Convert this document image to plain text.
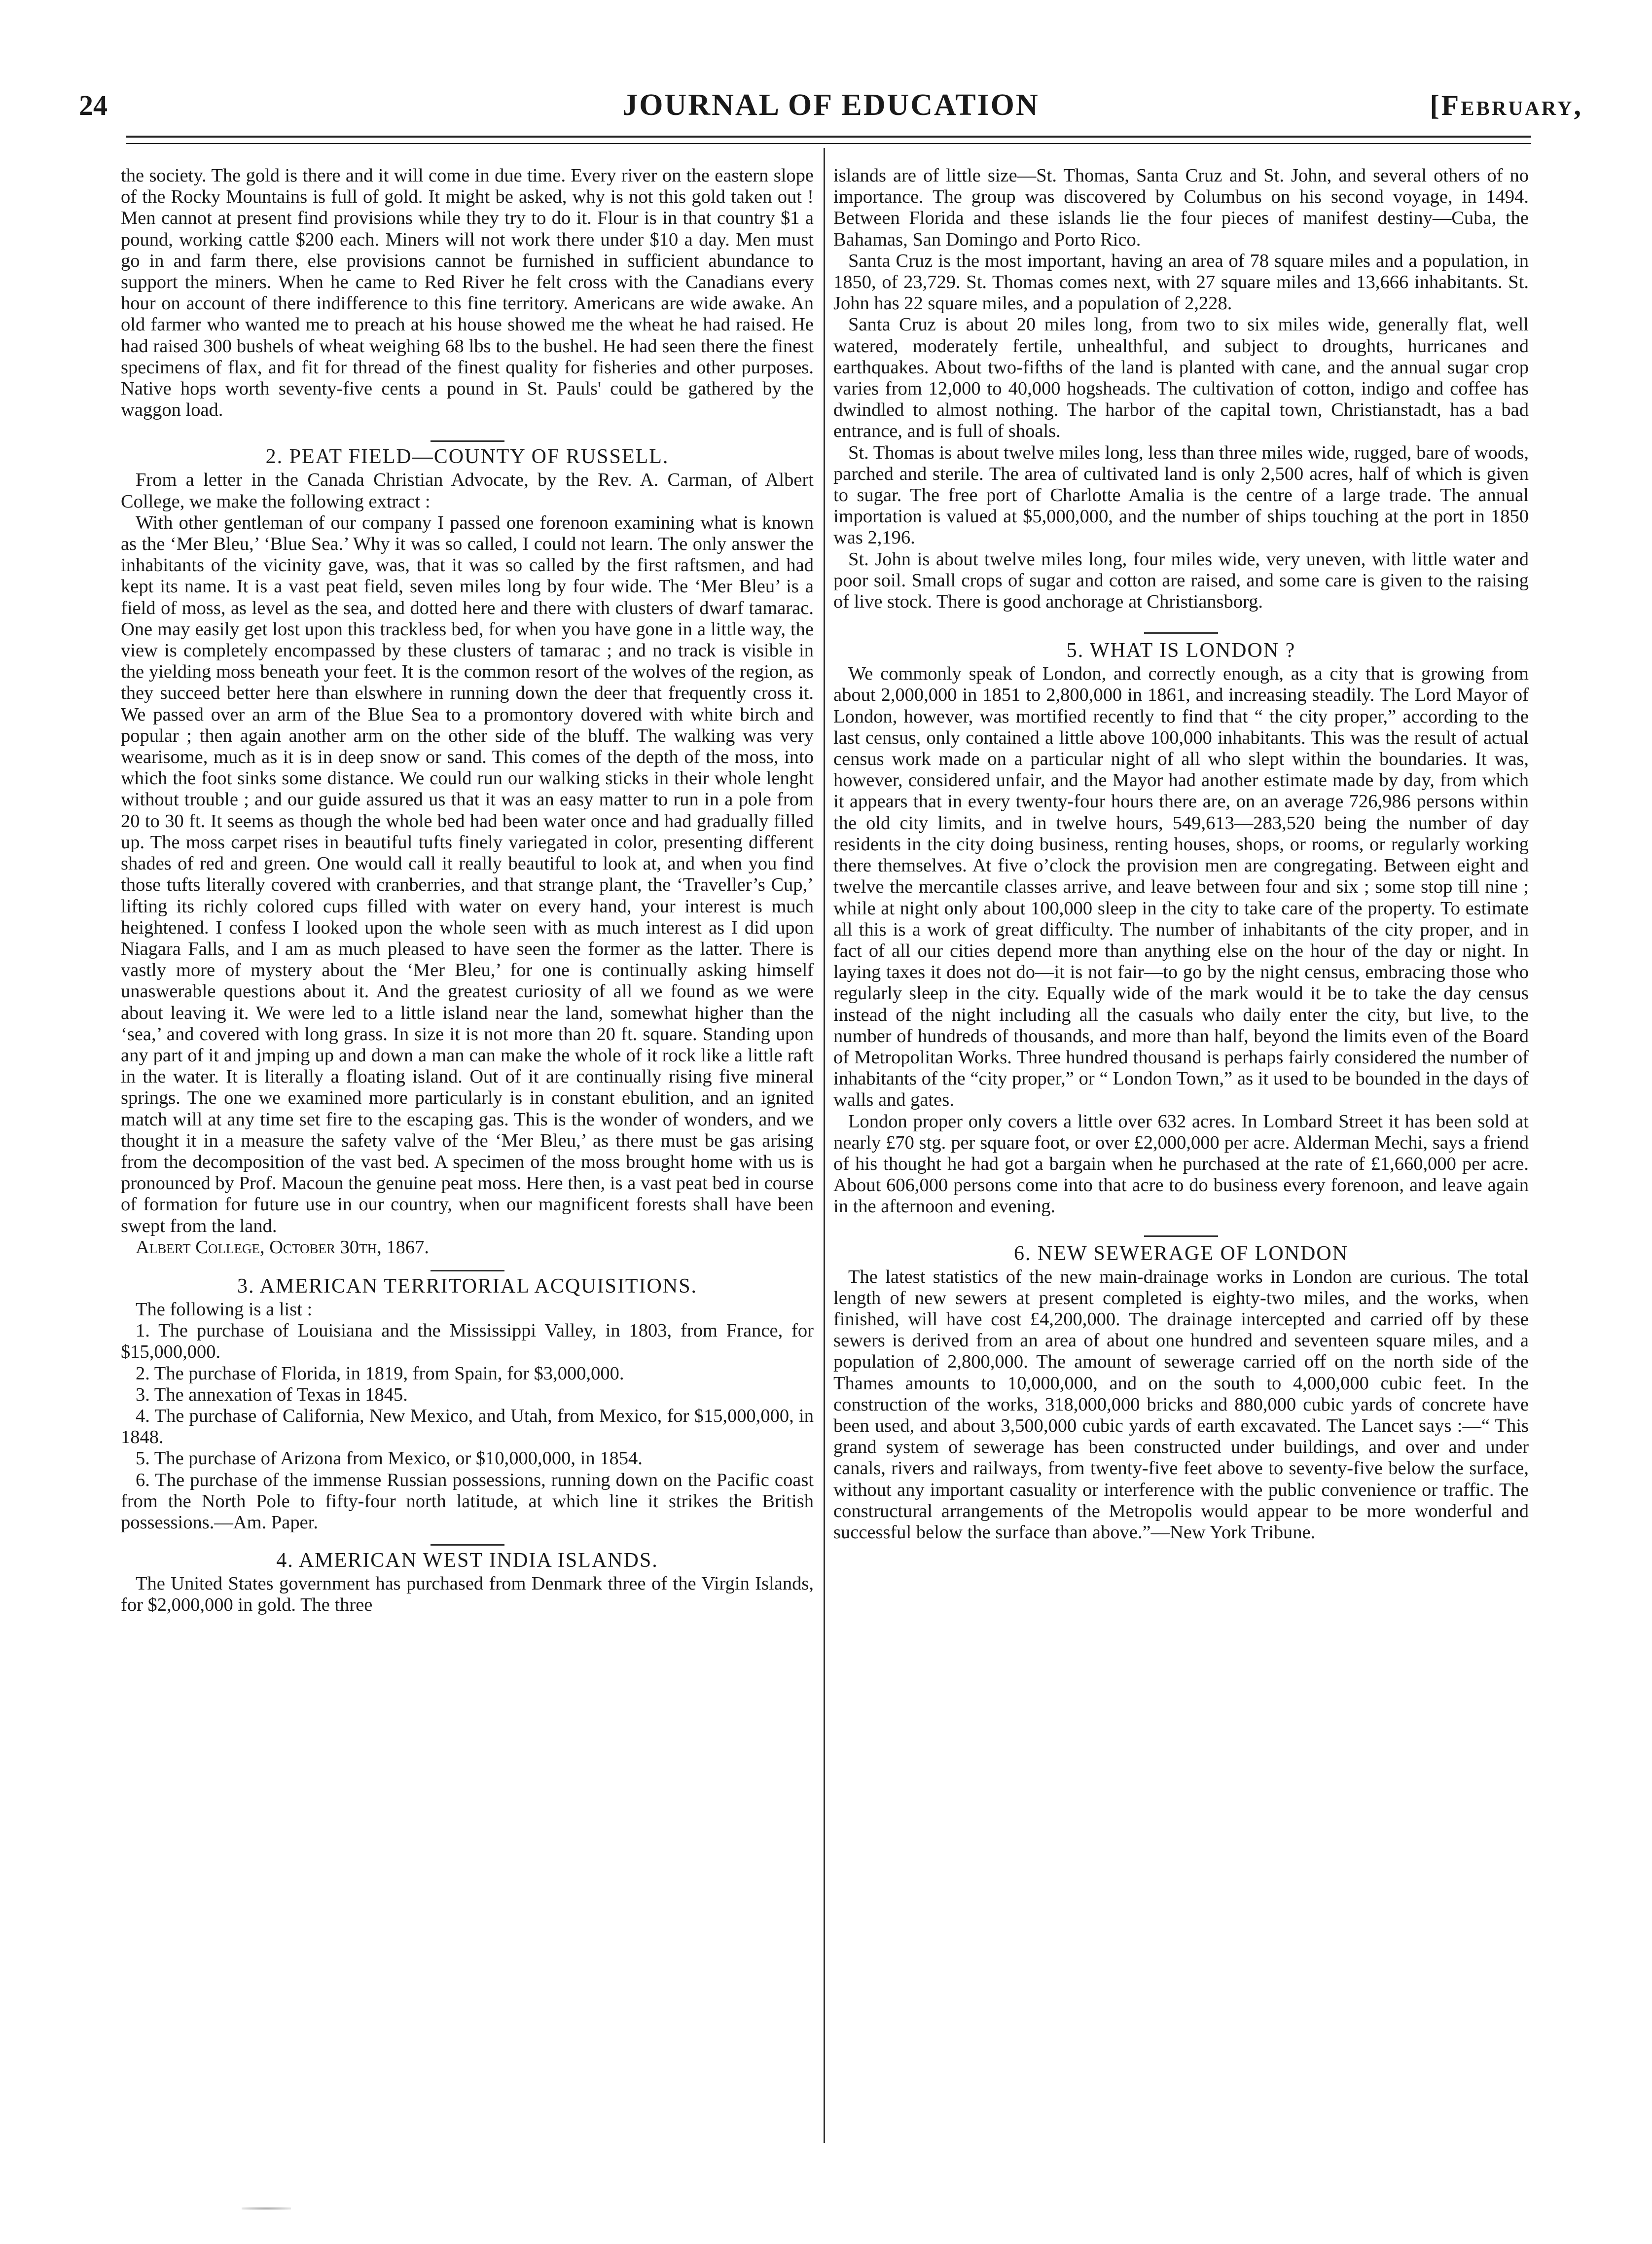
24	JOURNAL OF EDUCATION	[February,

the society. The gold is there and it will come in due time. Every river on the eastern slope of the Rocky Mountains is full of gold. It might be asked, why is not this gold taken out ! Men cannot at present find provisions while they try to do it. Flour is in that country $1 a pound, working cattle $200 each. Miners will not work there under $10 a day. Men must go in and farm there, else provisions cannot be furnished in sufficient abundance to support the miners. When he came to Red River he felt cross with the Canadians every hour on account of there indifference to this fine territory. Americans are wide awake. An old farmer who wanted me to preach at his house showed me the wheat he had raised. He had raised 300 bushels of wheat weighing 68 lbs to the bushel. He had seen there the finest specimens of flax, and fit for thread of the finest quality for fisheries and other purposes. Native hops worth seventy-five cents a pound in St. Pauls' could be gathered by the waggon load.

2. PEAT FIELD—COUNTY OF RUSSELL.

From a letter in the Canada Christian Advocate, by the Rev. A. Carman, of Albert College, we make the following extract :

With other gentleman of our company I passed one forenoon examining what is known as the ‘Mer Bleu,’ ‘Blue Sea.’ Why it was so called, I could not learn. The only answer the inhabitants of the vicinity gave, was, that it was so called by the first raftsmen, and had kept its name. It is a vast peat field, seven miles long by four wide. The ‘Mer Bleu’ is a field of moss, as level as the sea, and dotted here and there with clusters of dwarf tamarac. One may easily get lost upon this trackless bed, for when you have gone in a little way, the view is completely encompassed by these clusters of tamarac ; and no track is visible in the yielding moss beneath your feet. It is the common resort of the wolves of the region, as they succeed better here than elswhere in running down the deer that frequently cross it. We passed over an arm of the Blue Sea to a promontory dovered with white birch and popular ; then again another arm on the other side of the bluff. The walking was very wearisome, much as it is in deep snow or sand. This comes of the depth of the moss, into which the foot sinks some distance. We could run our walking sticks in their whole lenght without trouble ; and our guide assured us that it was an easy matter to run in a pole from 20 to 30 ft. It seems as though the whole bed had been water once and had gradually filled up. The moss carpet rises in beautiful tufts finely variegated in color, presenting different shades of red and green. One would call it really beautiful to look at, and when you find those tufts literally covered with cranberries, and that strange plant, the ‘Traveller’s Cup,’ lifting its richly colored cups filled with water on every hand, your interest is much heightened. I confess I looked upon the whole seen with as much interest as I did upon Niagara Falls, and I am as much pleased to have seen the former as the latter. There is vastly more of mystery about the ‘Mer Bleu,’ for one is continually asking himself unaswerable questions about it. And the greatest curiosity of all we found as we were about leaving it. We were led to a little island near the land, somewhat higher than the ‘sea,’ and covered with long grass. In size it is not more than 20 ft. square. Standing upon any part of it and jmping up and down a man can make the whole of it rock like a little raft in the water. It is literally a floating island. Out of it are continually rising five mineral springs. The one we examined more particularly is in constant ebulition, and an ignited match will at any time set fire to the escaping gas. This is the wonder of wonders, and we thought it in a measure the safety valve of the ‘Mer Bleu,’ as there must be gas arising from the decomposition of the vast bed. A specimen of the moss brought home with us is pronounced by Prof. Macoun the genuine peat moss. Here then, is a vast peat bed in course of formation for future use in our country, when our magnificent forests shall have been swept from the land.

Albert College, October 30th, 1867.

3. AMERICAN TERRITORIAL ACQUISITIONS.

The following is a list :

1. The purchase of Louisiana and the Mississippi Valley, in 1803, from France, for $15,000,000.

2. The purchase of Florida, in 1819, from Spain, for $3,000,000.

3. The annexation of Texas in 1845.

4. The purchase of California, New Mexico, and Utah, from Mexico, for $15,000,000, in 1848.

5. The purchase of Arizona from Mexico, or $10,000,000, in 1854.

6. The purchase of the immense Russian possessions, running down on the Pacific coast from the North Pole to fifty-four north latitude, at which line it strikes the British possessions.—Am. Paper.

4. AMERICAN WEST INDIA ISLANDS.

The United States government has purchased from Denmark three of the Virgin Islands, for $2,000,000 in gold. The three

islands are of little size—St. Thomas, Santa Cruz and St. John, and several others of no importance. The group was discovered by Columbus on his second voyage, in 1494. Between Florida and these islands lie the four pieces of manifest destiny—Cuba, the Bahamas, San Domingo and Porto Rico.

Santa Cruz is the most important, having an area of 78 square miles and a population, in 1850, of 23,729. St. Thomas comes next, with 27 square miles and 13,666 inhabitants. St. John has 22 square miles, and a population of 2,228.

Santa Cruz is about 20 miles long, from two to six miles wide, generally flat, well watered, moderately fertile, unhealthful, and subject to droughts, hurricanes and earthquakes. About two-fifths of the land is planted with cane, and the annual sugar crop varies from 12,000 to 40,000 hogsheads. The cultivation of cotton, indigo and coffee has dwindled to almost nothing. The harbor of the capital town, Christianstadt, has a bad entrance, and is full of shoals.

St. Thomas is about twelve miles long, less than three miles wide, rugged, bare of woods, parched and sterile. The area of cultivated land is only 2,500 acres, half of which is given to sugar. The free port of Charlotte Amalia is the centre of a large trade. The annual importation is valued at $5,000,000, and the number of ships touching at the port in 1850 was 2,196.

St. John is about twelve miles long, four miles wide, very uneven, with little water and poor soil. Small crops of sugar and cotton are raised, and some care is given to the raising of live stock. There is good anchorage at Christiansborg.

5. WHAT IS LONDON ?

We commonly speak of London, and correctly enough, as a city that is growing from about 2,000,000 in 1851 to 2,800,000 in 1861, and increasing steadily. The Lord Mayor of London, however, was mortified recently to find that “ the city proper,” according to the last census, only contained a little above 100,000 inhabitants. This was the result of actual census work made on a particular night of all who slept within the boundaries. It was, however, considered unfair, and the Mayor had another estimate made by day, from which it appears that in every twenty-four hours there are, on an average 726,986 persons within the old city limits, and in twelve hours, 549,613—283,520 being the number of day residents in the city doing business, renting houses, shops, or rooms, or regularly working there themselves. At five o’clock the provision men are congregating. Between eight and twelve the mercantile classes arrive, and leave between four and six ; some stop till nine ; while at night only about 100,000 sleep in the city to take care of the property. To estimate all this is a work of great difficulty. The number of inhabitants of the city proper, and in fact of all our cities depend more than anything else on the hour of the day or night. In laying taxes it does not do—it is not fair—to go by the night census, embracing those who regularly sleep in the city. Equally wide of the mark would it be to take the day census instead of the night including all the casuals who daily enter the city, but live, to the number of hundreds of thousands, and more than half, beyond the limits even of the Board of Metropolitan Works. Three hundred thousand is perhaps fairly considered the number of inhabitants of the “city proper,” or “ London Town,” as it used to be bounded in the days of walls and gates.

London proper only covers a little over 632 acres. In Lombard Street it has been sold at nearly £70 stg. per square foot, or over £2,000,000 per acre. Alderman Mechi, says a friend of his thought he had got a bargain when he purchased at the rate of £1,660,000 per acre. About 606,000 persons come into that acre to do business every forenoon, and leave again in the afternoon and evening.

6. NEW SEWERAGE OF LONDON

The latest statistics of the new main-drainage works in London are curious. The total length of new sewers at present completed is eighty-two miles, and the works, when finished, will have cost £4,200,000. The drainage intercepted and carried off by these sewers is derived from an area of about one hundred and seventeen square miles, and a population of 2,800,000. The amount of sewerage carried off on the north side of the Thames amounts to 10,000,000, and on the south to 4,000,000 cubic feet. In the construction of the works, 318,000,000 bricks and 880,000 cubic yards of concrete have been used, and about 3,500,000 cubic yards of earth excavated. The Lancet says :—“ This grand system of sewerage has been constructed under buildings, and over and under canals, rivers and railways, from twenty-five feet above to seventy-five below the surface, without any important casuality or interference with the public convenience or traffic. The constructural arrangements of the Metropolis would appear to be more wonderful and successful below the surface than above.”—New York Tribune.
